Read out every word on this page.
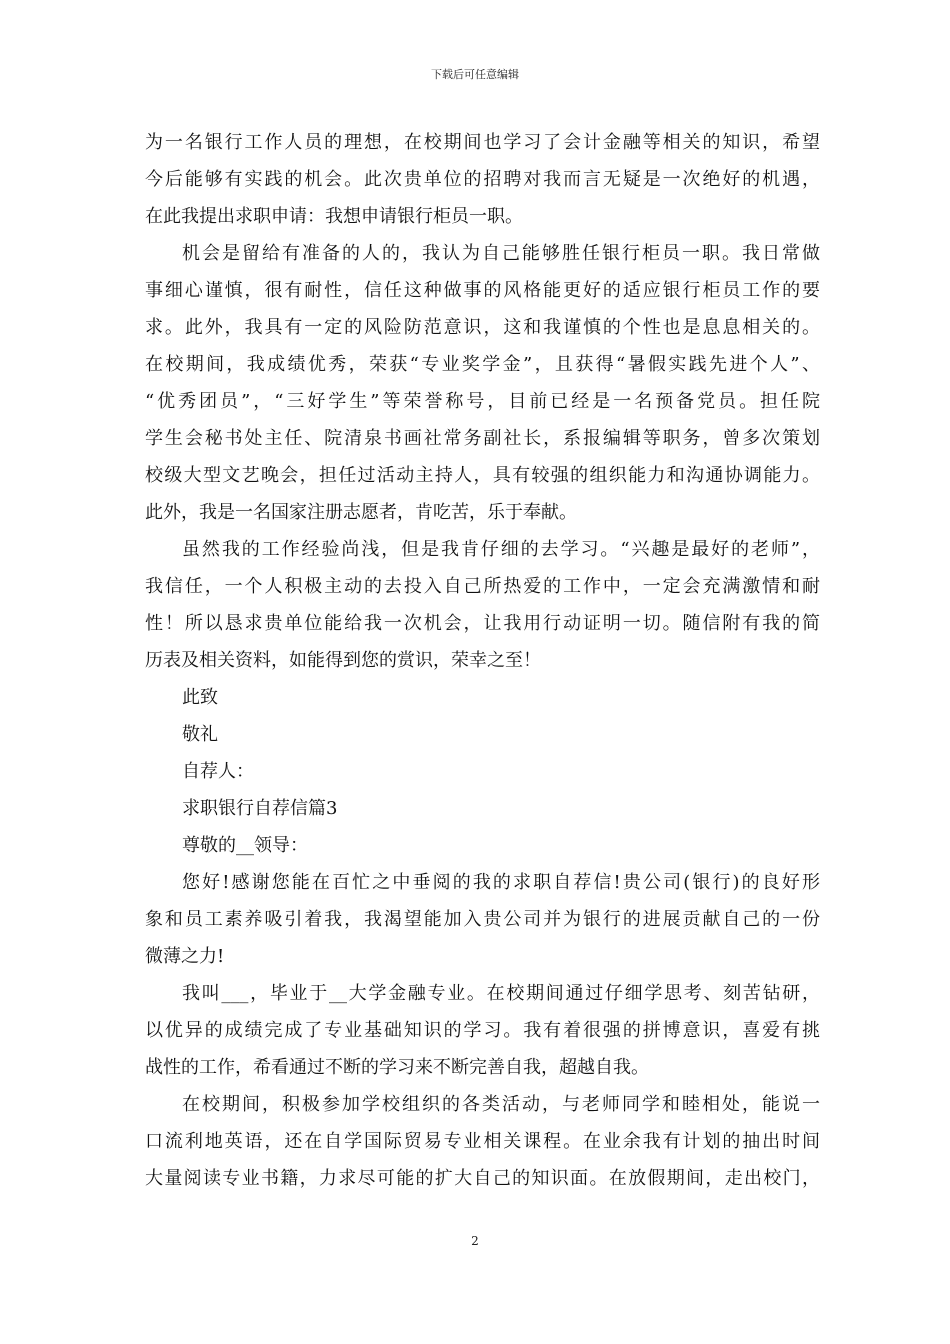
下载后可任意编辑
为一名银行工作人员的理想，在校期间也学习了会计金融等相关的知识，希望
今后能够有实践的机会。此次贵单位的招聘对我而言无疑是一次绝好的机遇，
在此我提出求职申请：我想申请银行柜员一职。
机会是留给有准备的人的，我认为自己能够胜任银行柜员一职。我日常做
事细心谨慎，很有耐性，信任这种做事的风格能更好的适应银行柜员工作的要
求。此外，我具有一定的风险防范意识，这和我谨慎的个性也是息息相关的。
在校期间，我成绩优秀，荣获“专业奖学金”，且获得“暑假实践先进个人”、
“优秀团员”，“三好学生”等荣誉称号，目前已经是一名预备党员。担任院
学生会秘书处主任、院清泉书画社常务副社长，系报编辑等职务，曾多次策划
校级大型文艺晚会，担任过活动主持人，具有较强的组织能力和沟通协调能力。
此外，我是一名国家注册志愿者，肯吃苦，乐于奉献。
虽然我的工作经验尚浅，但是我肯仔细的去学习。“兴趣是最好的老师”，
我信任，一个人积极主动的去投入自己所热爱的工作中，一定会充满激情和耐
性！所以恳求贵单位能给我一次机会，让我用行动证明一切。随信附有我的简
历表及相关资料，如能得到您的赏识，荣幸之至！
此致
敬礼
自荐人：
求职银行自荐信篇3
尊敬的__领导：
您好!感谢您能在百忙之中垂阅的我的求职自荐信!贵公司(银行)的良好形
象和员工素养吸引着我，我渴望能加入贵公司并为银行的进展贡献自己的一份
微薄之力!
我叫___，毕业于__大学金融专业。在校期间通过仔细学思考、刻苦钻研，
以优异的成绩完成了专业基础知识的学习。我有着很强的拼博意识，喜爱有挑
战性的工作，希看通过不断的学习来不断完善自我，超越自我。
在校期间，积极参加学校组织的各类活动，与老师同学和睦相处，能说一
口流利地英语，还在自学国际贸易专业相关课程。在业余我有计划的抽出时间
大量阅读专业书籍，力求尽可能的扩大自己的知识面。在放假期间，走出校门，
2
